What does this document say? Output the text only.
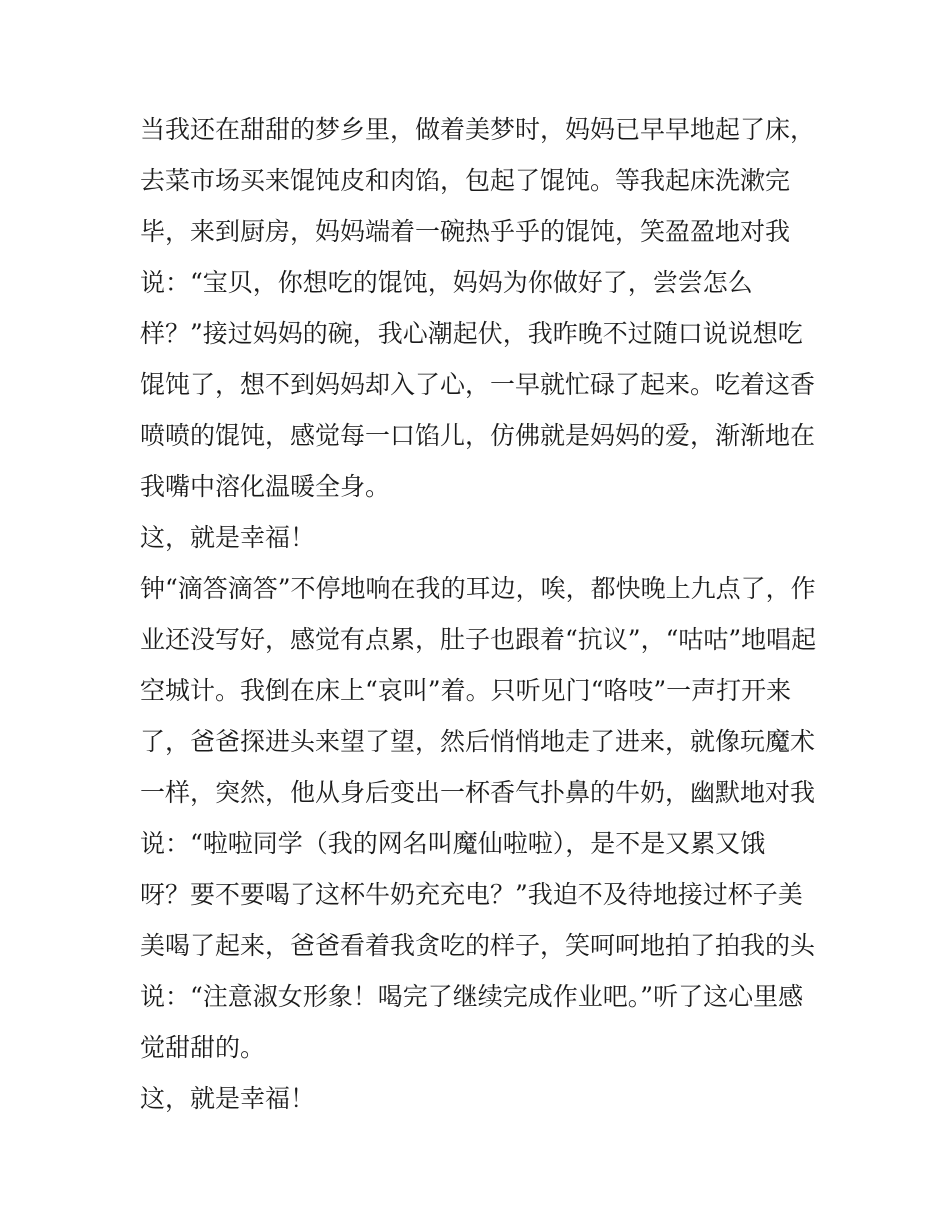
当我还在甜甜的梦乡里，做着美梦时，妈妈已早早地起了床，
去菜市场买来馄饨皮和肉馅，包起了馄饨。等我起床洗漱完
毕，来到厨房，妈妈端着一碗热乎乎的馄饨，笑盈盈地对我
说：“宝贝，你想吃的馄饨，妈妈为你做好了，尝尝怎么
样？”接过妈妈的碗，我心潮起伏，我昨晚不过随口说说想吃
馄饨了，想不到妈妈却入了心，一早就忙碌了起来。吃着这香
喷喷的馄饨，感觉每一口馅儿，仿佛就是妈妈的爱，渐渐地在
我嘴中溶化温暖全身。
这，就是幸福！
钟“滴答滴答”不停地响在我的耳边，唉，都快晚上九点了，作
业还没写好，感觉有点累，肚子也跟着“抗议”，“咕咕”地唱起
空城计。我倒在床上“哀叫”着。只听见门“咯吱”一声打开来
了，爸爸探进头来望了望，然后悄悄地走了进来，就像玩魔术
一样，突然，他从身后变出一杯香气扑鼻的牛奶，幽默地对我
说：“啦啦同学（我的网名叫魔仙啦啦），是不是又累又饿
呀？要不要喝了这杯牛奶充充电？”我迫不及待地接过杯子美
美喝了起来，爸爸看着我贪吃的样子，笑呵呵地拍了拍我的头
说：“注意淑女形象！喝完了继续完成作业吧。”听了这心里感
觉甜甜的。
这，就是幸福！
